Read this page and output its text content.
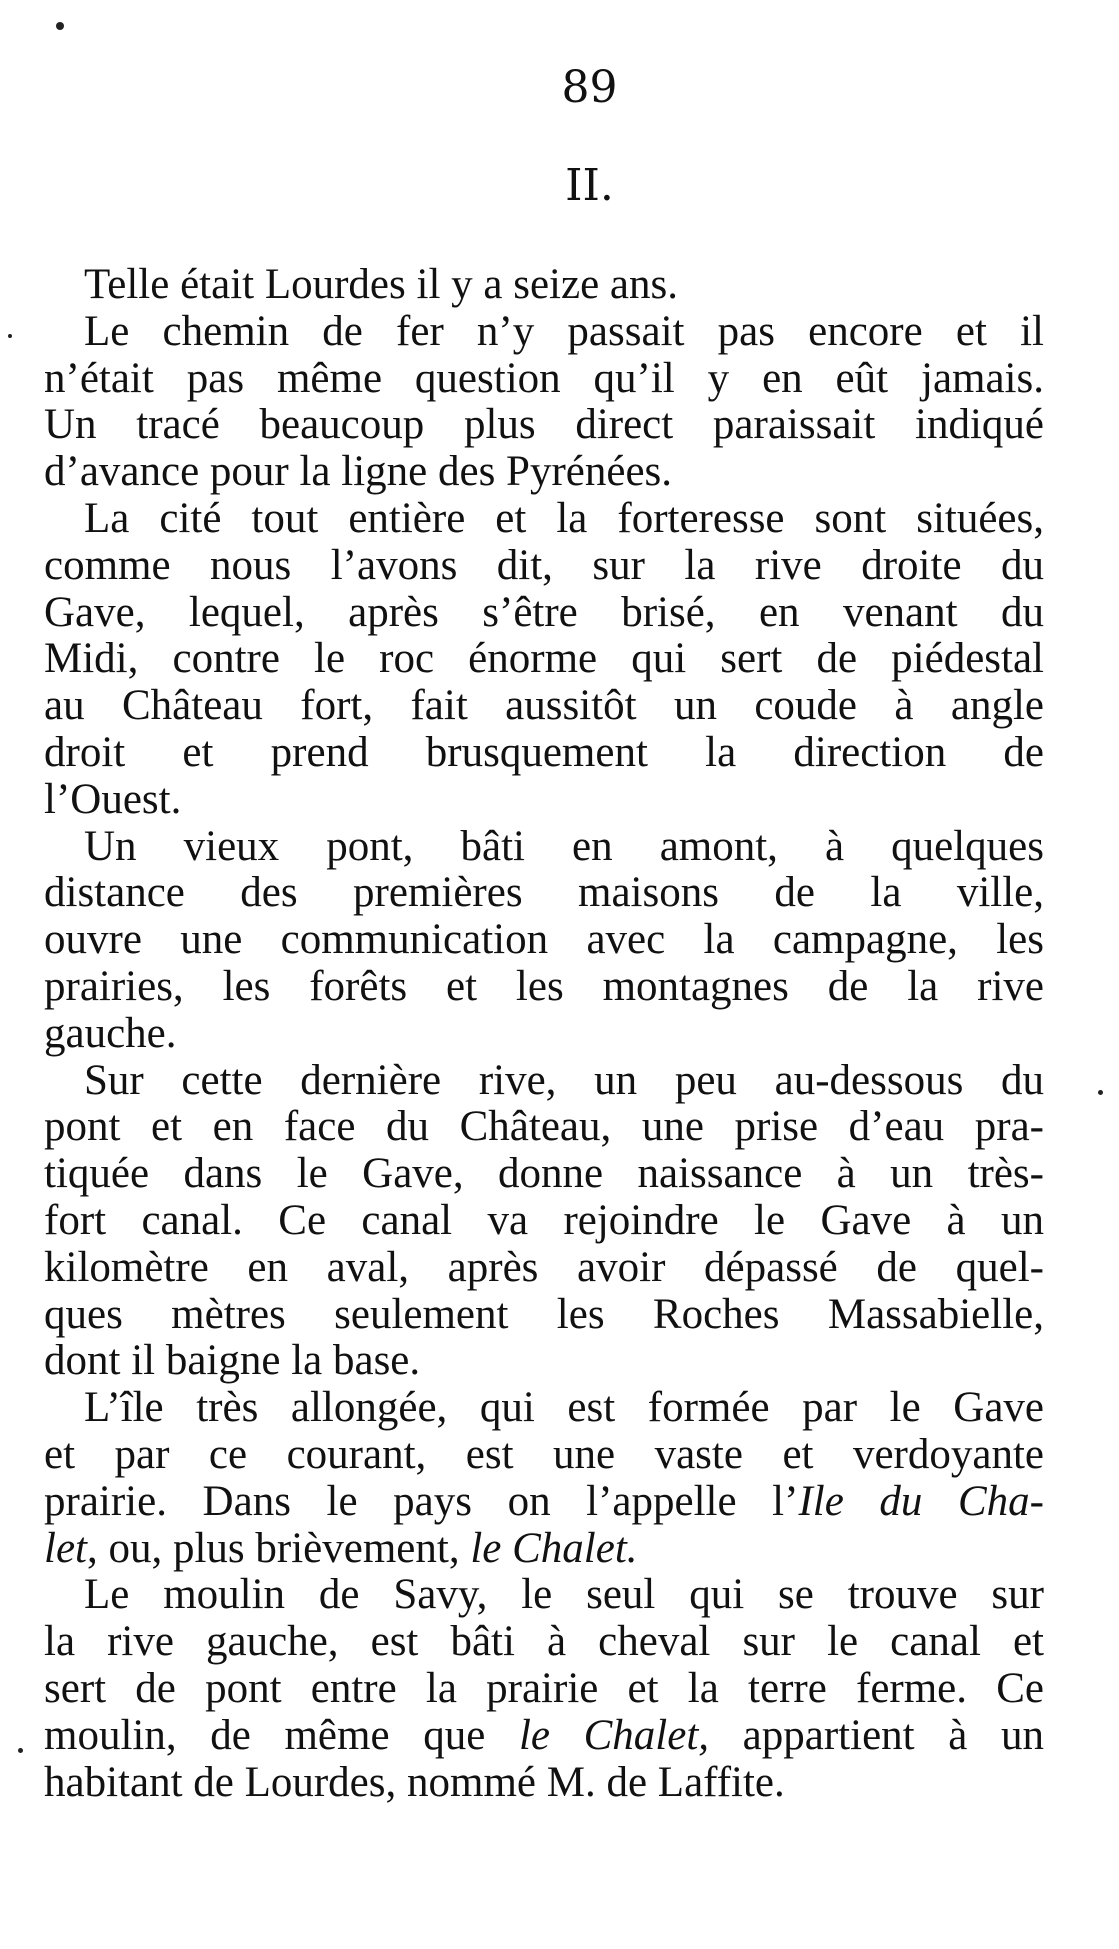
89
II.
Telle était Lourdes il y a seize ans.
Le chemin de fer n’y passait pas encore et il
n’était pas même question qu’il y en eût jamais.
Un tracé beaucoup plus direct paraissait indiqué
d’avance pour la ligne des Pyrénées.
La cité tout entière et la forteresse sont situées,
comme nous l’avons dit, sur la rive droite du
Gave, lequel, après s’être brisé, en venant du
Midi, contre le roc énorme qui sert de piédestal
au Château fort, fait aussitôt un coude à angle
droit et prend brusquement la direction de
l’Ouest.
Un vieux pont, bâti en amont, à quelques
distance des premières maisons de la ville,
ouvre une communication avec la campagne, les
prairies, les forêts et les montagnes de la rive
gauche.
Sur cette dernière rive, un peu au-dessous du
pont et en face du Château, une prise d’eau pra-
tiquée dans le Gave, donne naissance à un très-
fort canal. Ce canal va rejoindre le Gave à un
kilomètre en aval, après avoir dépassé de quel-
ques mètres seulement les Roches Massabielle,
dont il baigne la base.
L’île très allongée, qui est formée par le Gave
et par ce courant, est une vaste et verdoyante
prairie. Dans le pays on l’appelle l’Ile du Cha-
let, ou, plus brièvement, le Chalet.
Le moulin de Savy, le seul qui se trouve sur
la rive gauche, est bâti à cheval sur le canal et
sert de pont entre la prairie et la terre ferme. Ce
moulin, de même que le Chalet, appartient à un
habitant de Lourdes, nommé M. de Laffite.
